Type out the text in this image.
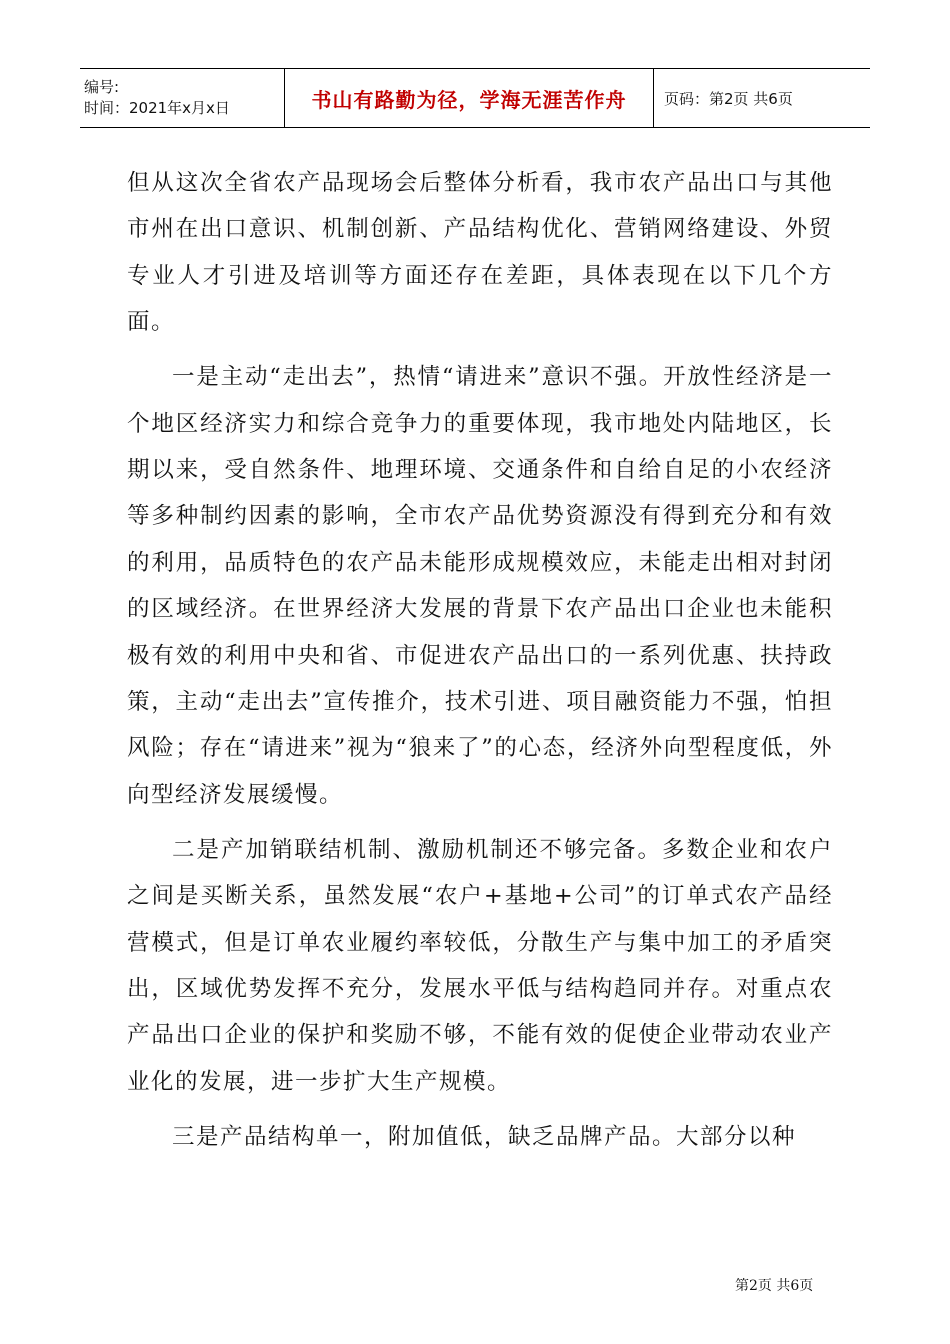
编号:
时间：2021年x月x日	书山有路勤为径，学海无涯苦作舟	页码：第2页 共6页

但从这次全省农产品现场会后整体分析看，我市农产品出口与其他市州在出口意识、机制创新、产品结构优化、营销网络建设、外贸专业人才引进及培训等方面还存在差距，具体表现在以下几个方面。

一是主动“走出去”，热情“请进来”意识不强。开放性经济是一个地区经济实力和综合竞争力的重要体现，我市地处内陆地区，长期以来，受自然条件、地理环境、交通条件和自给自足的小农经济等多种制约因素的影响，全市农产品优势资源没有得到充分和有效的利用，品质特色的农产品未能形成规模效应，未能走出相对封闭的区域经济。在世界经济大发展的背景下农产品出口企业也未能积极有效的利用中央和省、市促进农产品出口的一系列优惠、扶持政策，主动“走出去”宣传推介，技术引进、项目融资能力不强，怕担风险；存在“请进来”视为“狼来了”的心态，经济外向型程度低，外向型经济发展缓慢。

二是产加销联结机制、激励机制还不够完备。多数企业和农户之间是买断关系，虽然发展“农户+基地+公司”的订单式农产品经营模式，但是订单农业履约率较低，分散生产与集中加工的矛盾突出，区域优势发挥不充分，发展水平低与结构趋同并存。对重点农产品出口企业的保护和奖励不够，不能有效的促使企业带动农业产业化的发展，进一步扩大生产规模。

三是产品结构单一，附加值低，缺乏品牌产品。大部分以种

第2页 共6页
